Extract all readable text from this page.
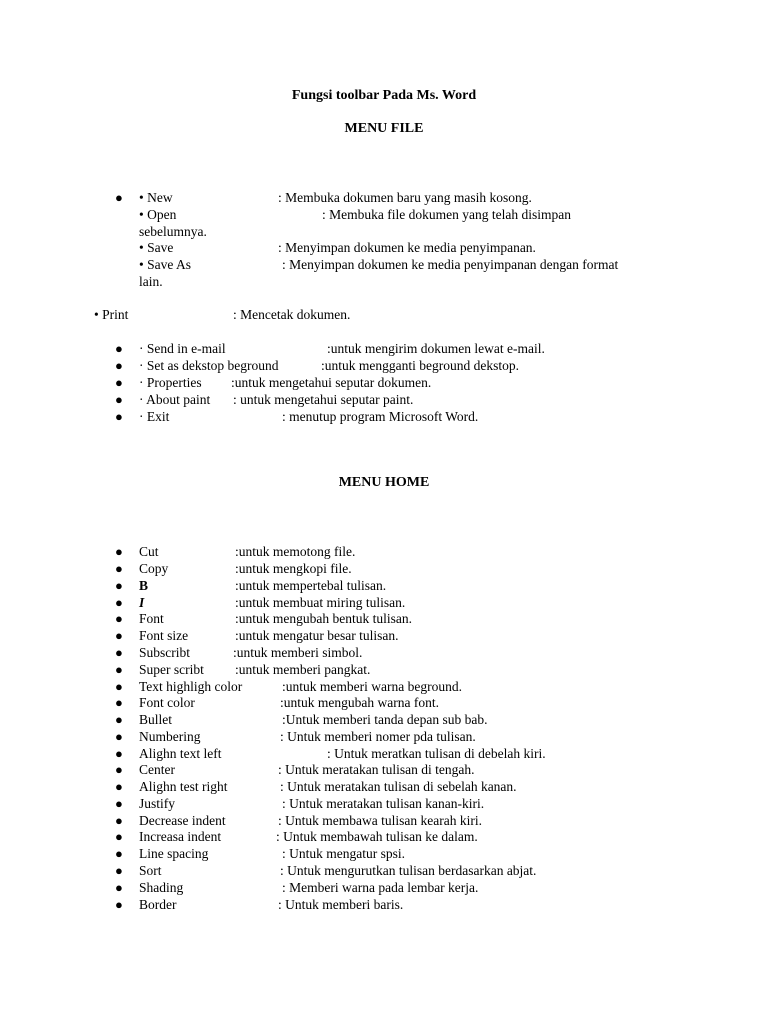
Fungsi toolbar Pada Ms. Word
MENU FILE
● • New	: Membuka dokumen baru yang masih kosong.
• Open	: Membuka file dokumen yang telah disimpan
sebelumnya.
• Save	: Menyimpan dokumen ke media penyimpanan.
• Save As	: Menyimpan dokumen ke media penyimpanan dengan format
lain.
• Print	: Mencetak dokumen.
● · Send in e-mail	:untuk mengirim dokumen lewat e-mail.
● · Set as dekstop beground	:untuk mengganti beground dekstop.
● · Properties :untuk mengetahui seputar dokumen.
● · About paint : untuk mengetahui seputar paint.
● · Exit	: menutup program Microsoft Word.
MENU HOME
● Cut	:untuk memotong file.
● Copy	:untuk mengkopi file.
● B	:untuk mempertebal tulisan.
● I	:untuk membuat miring tulisan.
● Font	:untuk mengubah bentuk tulisan.
● Font size	:untuk mengatur besar tulisan.
● Subscribt	:untuk memberi simbol.
● Super scribt :untuk memberi pangkat.
● Text highligh color	:untuk memberi warna beground.
● Font color	:untuk mengubah warna font.
● Bullet	:Untuk memberi tanda depan sub bab.
● Numbering	: Untuk memberi nomer pda tulisan.
● Alighn text left	: Untuk meratkan tulisan di debelah kiri.
● Center	: Untuk meratakan tulisan di tengah.
● Alighn test right	: Untuk meratakan tulisan di sebelah kanan.
● Justify	: Untuk meratakan tulisan kanan-kiri.
● Decrease indent	: Untuk membawa tulisan kearah kiri.
● Increasa indent	: Untuk membawah tulisan ke dalam.
● Line spacing	: Untuk mengatur spsi.
● Sort	: Untuk mengurutkan tulisan berdasarkan abjat.
● Shading	: Memberi warna pada lembar kerja.
● Border	: Untuk memberi baris.
